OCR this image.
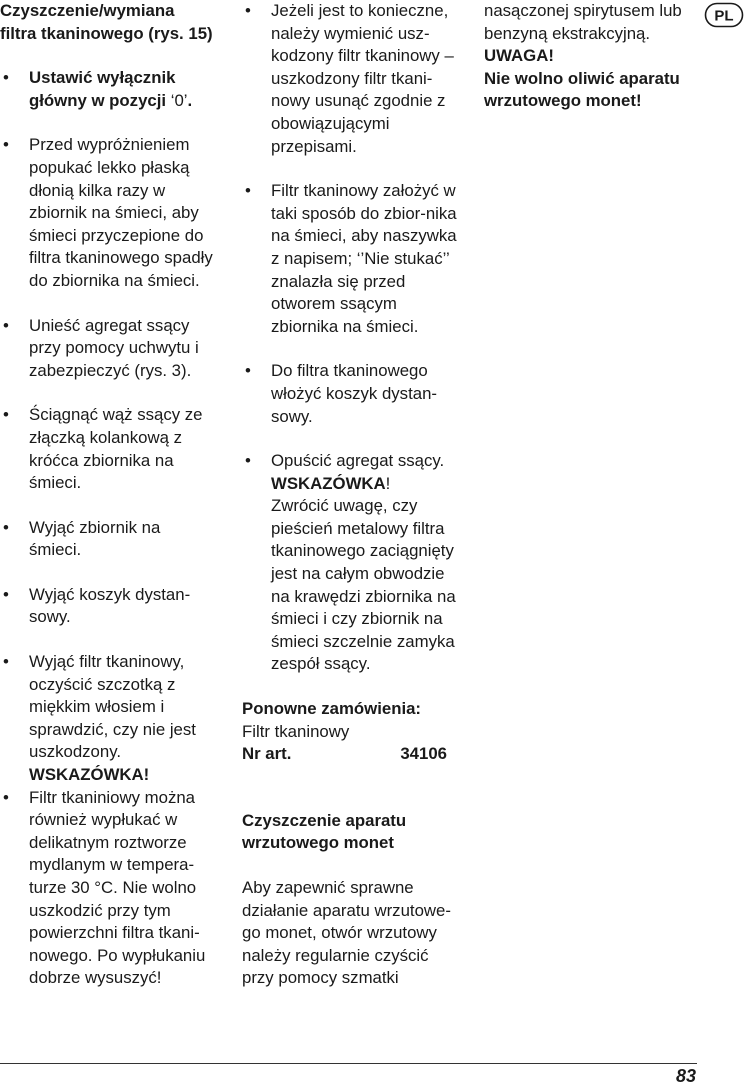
Czyszczenie/wymiana filtra tkaninowego (rys. 15)

• Ustawić wyłącznik główny w pozycji ‘0’.
• Przed wypróżnieniem popukać lekko płaską dłonią kilka razy w zbiornik na śmieci, aby śmieci przyczepione do filtra tkaninowego spadły do zbiornika na śmieci.
• Unieść agregat ssący przy pomocy uchwytu i zabezpieczyć (rys. 3).
• Ściągnąć wąż ssący ze złączką kolankową z króćca zbiornika na śmieci.
• Wyjąć zbiornik na śmieci.
• Wyjąć koszyk dystan-sowy.
• Wyjąć filtr tkaninowy, oczyścić szczotką z miękkim włosiem i sprawdzić, czy nie jest uszkodzony.
WSKAZÓWKA!
• Filtr tkaniniowy można również wypłukać w delikatnym roztworze mydlanym w tempera-turze 30 °C. Nie wolno uszkodzić przy tym powierzchni filtra tkani-nowego. Po wypłukaniu dobrze wysuszyć!
• Jeżeli jest to konieczne, należy wymienić usz-kodzony filtr tkaninowy – uszkodzony filtr tkani-nowy usunąć zgodnie z obowiązującymi przepisami.
• Filtr tkaninowy założyć w taki sposób do zbior-nika na śmieci, aby naszywka z napisem; ‘’Nie stukać’’ znalazła się przed otworem ssącym zbiornika na śmieci.
• Do filtra tkaninowego włożyć koszyk dystan-sowy.
• Opuścić agregat ssący.
WSKAZÓWKA!
Zwrócić uwagę, czy pieścień metalowy filtra tkaninowego zaciągnięty jest na całym obwodzie na krawędzi zbiornika na śmieci i czy zbiornik na śmieci szczelnie zamyka zespół ssący.

Ponowne zamówienia:

Filtr tkaninowy

Nr art.	34106

Czyszczenie aparatu wrzutowego monet

Aby zapewnić sprawne działanie aparatu wrzutowe-go monet, otwór wrzutowy należy regularnie czyścić przy pomocy szmatki

nasączonej spirytusem lub benzyną ekstrakcyjną.

UWAGA!

Nie wolno oliwić aparatu wrzutowego monet!

PL
83
